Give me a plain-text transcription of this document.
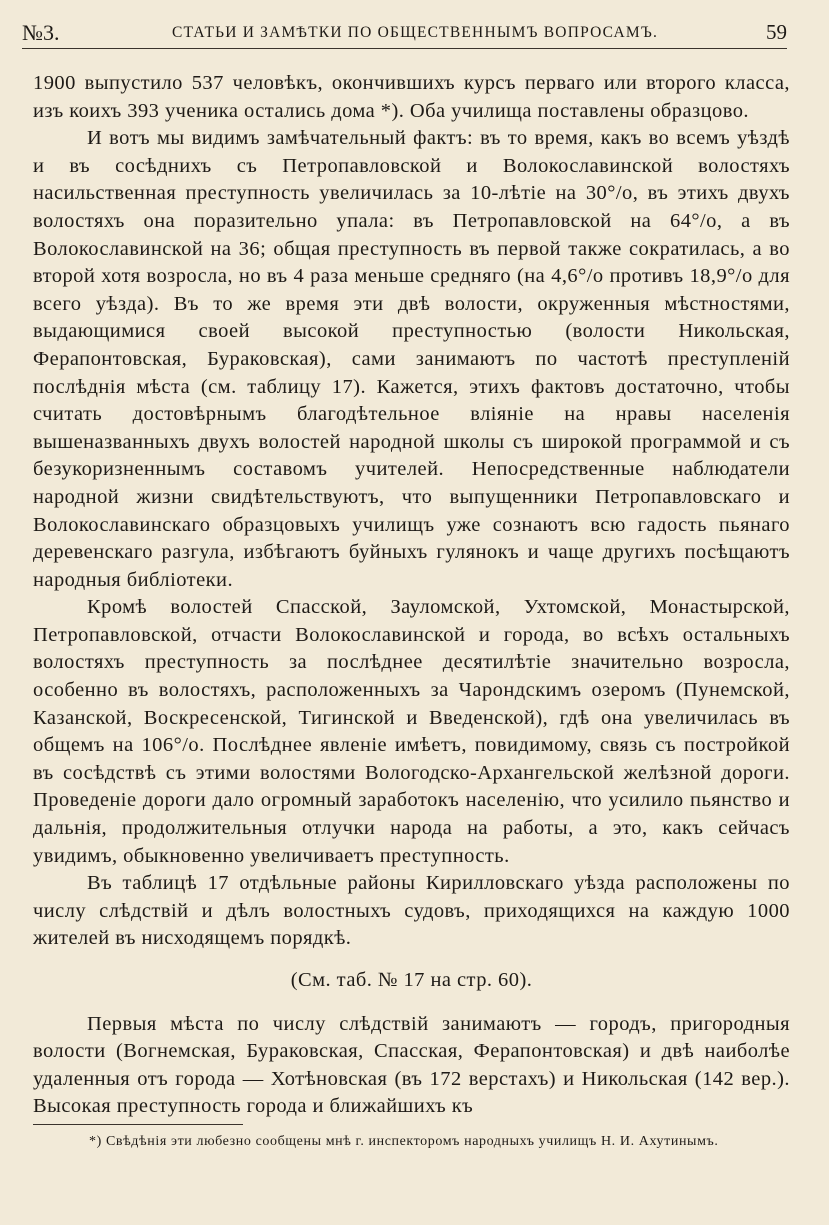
№3.	СТАТЬИ И ЗАМѢТКИ ПО ОБЩЕСТВЕННЫМЪ ВОПРОСАМЪ.	59

1900 выпустило 537 человѣкъ, окончившихъ курсъ перваго или второго класса, изъ коихъ 393 ученика остались дома *). Оба училища поставлены образцово.

И вотъ мы видимъ замѣчательный фактъ: въ то время, какъ во всемъ уѣздѣ и въ сосѣднихъ съ Петропавловской и Волокославинской волостяхъ насильственная преступность увеличилась за 10-лѣтіе на 30°/о, въ этихъ двухъ волостяхъ она поразительно упала: въ Петропавловской на 64°/о, а въ Волокославинской на 36; общая преступность въ первой также сократилась, а во второй хотя возросла, но въ 4 раза меньше средняго (на 4,6°/о противъ 18,9°/о для всего уѣзда). Въ то же время эти двѣ волости, окруженныя мѣстностями, выдающимися своей высокой преступностью (волости Никольская, Ферапонтовская, Бураковская), сами занимаютъ по частотѣ преступленій послѣднія мѣста (см. таблицу 17). Кажется, этихъ фактовъ достаточно, чтобы считать достовѣрнымъ благодѣтельное вліяніе на нравы населенія вышеназванныхъ двухъ волостей народной школы съ широкой программой и съ безукоризненнымъ составомъ учителей. Непосредственные наблюдатели народной жизни свидѣтельствуютъ, что выпущенники Петропавловскаго и Волокославинскаго образцовыхъ училищъ уже сознаютъ всю гадость пьянаго деревенскаго разгула, избѣгаютъ буйныхъ гулянокъ и чаще другихъ посѣщаютъ народныя библіотеки.

Кромѣ волостей Спасской, Зауломской, Ухтомской, Монастырской, Петропавловской, отчасти Волокославинской и города, во всѣхъ остальныхъ волостяхъ преступность за послѣднее десятилѣтіе значительно возросла, особенно въ волостяхъ, расположенныхъ за Чарондскимъ озеромъ (Пунемской, Казанской, Воскресенской, Тигинской и Введенской), гдѣ она увеличилась въ общемъ на 106°/о. Послѣднее явленіе имѣетъ, повидимому, связь съ постройкой въ сосѣдствѣ съ этими волостями Вологодско-Архангельской желѣзной дороги. Проведеніе дороги дало огромный заработокъ населенію, что усилило пьянство и дальнія, продолжительныя отлучки народа на работы, а это, какъ сейчасъ увидимъ, обыкновенно увеличиваетъ преступность.

Въ таблицѣ 17 отдѣльные районы Кирилловскаго уѣзда расположены по числу слѣдствій и дѣлъ волостныхъ судовъ, приходящихся на каждую 1000 жителей въ нисходящемъ порядкѣ.

(См. таб. № 17 на стр. 60).

Первыя мѣста по числу слѣдствій занимаютъ — городъ, пригородныя волости (Вогнемская, Бураковская, Спасская, Ферапонтовская) и двѣ наиболѣе удаленныя отъ города — Хотѣновская (въ 172 верстахъ) и Никольская (142 вер.). Высокая преступность города и ближайшихъ къ

*) Свѣдѣнія эти любезно сообщены мнѣ г. инспекторомъ народныхъ училищъ Н. И. Ахутинымъ.
